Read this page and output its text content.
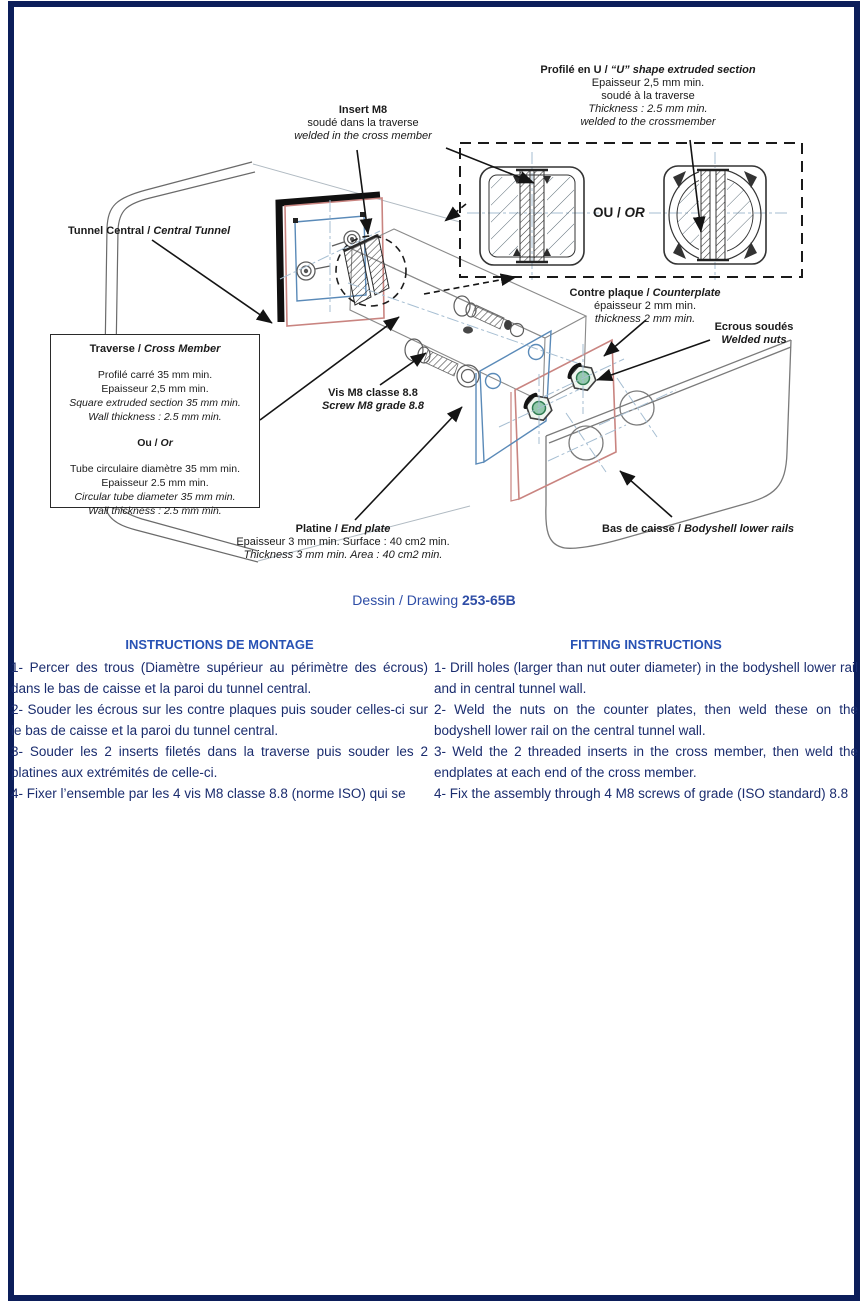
Insert M8
soudé dans la traverse
welded in the cross member
Profilé en U / “U” shape extruded section
Epaisseur 2,5 mm min.
soudé à la traverse
Thickness : 2.5 mm min.
welded to the crossmember
Tunnel Central / Central Tunnel
Traverse / Cross Member
Profilé carré 35 mm min.
Epaisseur 2,5 mm min.
Square extruded section 35 mm min.
Wall thickness : 2.5 mm min.
Ou / Or
Tube circulaire diamètre 35 mm min.
Epaisseur 2.5 mm min.
Circular tube diameter 35 mm min.
Wall thickness : 2.5 mm min.
Contre plaque / Counterplate
épaisseur 2 mm min.
thickness 2 mm min.
Ecrous soudés
Welded nuts
Vis M8 classe 8.8
Screw M8 grade 8.8
Platine / End plate
Epaisseur 3 mm min. Surface : 40 cm2 min.
Thickness 3 mm min. Area : 40 cm2 min.
Bas de caisse / Bodyshell lower rails
OU / OR
Dessin / Drawing 253-65B
INSTRUCTIONS DE MONTAGE

1- Percer des trous (Diamètre supérieur au périmètre des écrous) dans le bas de caisse et la paroi du tunnel central.

2- Souder les écrous sur les contre plaques puis souder celles-ci sur le bas de caisse et la paroi du tunnel central.

3- Souder les 2 inserts filetés dans la traverse puis souder les 2 platines aux extrémités de celle-ci.

4- Fixer l’ensemble par les 4 vis M8 classe 8.8 (norme ISO) qui se

FITTING INSTRUCTIONS

1- Drill holes (larger than nut outer diameter) in the bodyshell lower rail and in central tunnel wall.

2- Weld the nuts on the counter plates, then weld these on the bodyshell lower rail on the central tunnel wall.

3- Weld the 2 threaded inserts in the cross member, then weld the endplates at each end of the cross member.

4- Fix the assembly through 4 M8 screws of grade (ISO standard) 8.8
